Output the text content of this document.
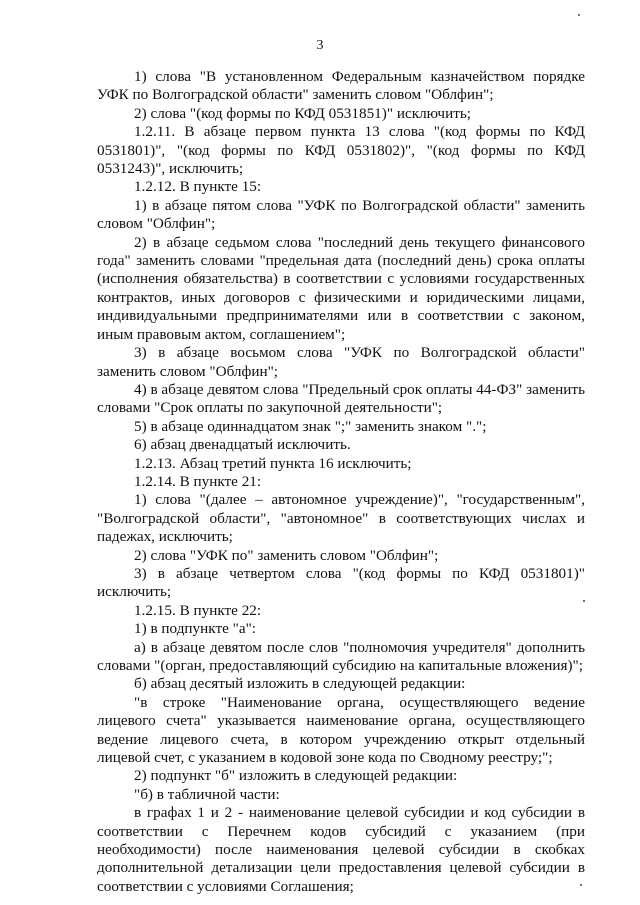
3

1) слова "В установленном Федеральным казначейством порядке УФК по Волгоградской области" заменить словом "Облфин";

2) слова "(код формы по КФД 0531851)" исключить;

1.2.11. В абзаце первом пункта 13 слова "(код формы по КФД 0531801)", "(код формы по КФД 0531802)", "(код формы по КФД 0531243)", исключить;

1.2.12. В пункте 15:

1) в абзаце пятом слова "УФК по Волгоградской области" заменить словом "Облфин";

2) в абзаце седьмом слова "последний день текущего финансового года" заменить словами "предельная дата (последний день) срока оплаты (исполнения обязательства) в соответствии с условиями государственных контрактов, иных договоров с физическими и юридическими лицами, индивидуальными предпринимателями или в соответствии с законом, иным правовым актом, соглашением";

3) в абзаце восьмом слова "УФК по Волгоградской области" заменить словом "Облфин";

4) в абзаце девятом слова "Предельный срок оплаты 44-ФЗ" заменить словами "Срок оплаты по закупочной деятельности";

5) в абзаце одиннадцатом знак ";" заменить знаком ".";

6) абзац двенадцатый исключить.

1.2.13. Абзац третий пункта 16 исключить;

1.2.14. В пункте 21:

1) слова "(далее – автономное учреждение)", "государственным", "Волгоградской области", "автономное" в соответствующих числах и падежах, исключить;

2) слова "УФК по" заменить словом "Облфин";

3) в абзаце четвертом слова "(код формы по КФД 0531801)" исключить;

1.2.15. В пункте 22:

1) в подпункте "а":

а) в абзаце девятом после слов "полномочия учредителя" дополнить словами "(орган, предоставляющий субсидию на капитальные вложения)";

б) абзац десятый изложить в следующей редакции:

"в строке "Наименование органа, осуществляющего ведение лицевого счета" указывается наименование органа, осуществляющего ведение лицевого счета, в котором учреждению открыт отдельный лицевой счет, с указанием в кодовой зоне кода по Сводному реестру;";

2) подпункт "б" изложить в следующей редакции:

"б) в табличной части:

в графах 1 и 2 - наименование целевой субсидии и код субсидии в соответствии с Перечнем кодов субсидий с указанием (при необходимости) после наименования целевой субсидии в скобках дополнительной детализации цели предоставления целевой субсидии в соответствии с условиями Соглашения;
